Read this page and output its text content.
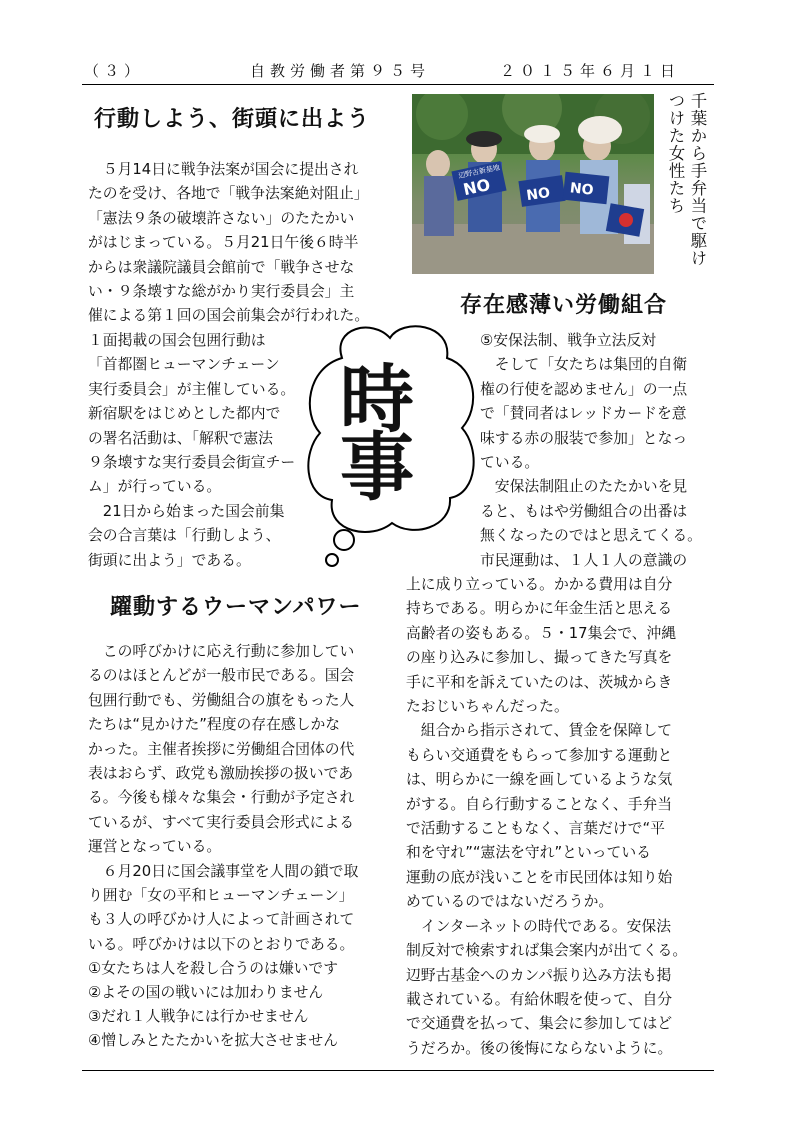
（３）	自教労働者第９５号	２０１５年６月１日
行動しよう、街頭に出よう
　５月14日に戦争法案が国会に提出され
たのを受け、各地で「戦争法案絶対阻止」
「憲法９条の破壊許さない」のたたかい
がはじまっている。５月21日午後６時半
からは衆議院議員会館前で「戦争させな
い・９条壊すな総がかり実行委員会」主
催による第１回の国会前集会が行われた。
１面掲載の国会包囲行動は
「首都圏ヒューマンチェーン
実行委員会」が主催している。
新宿駅をはじめとした都内で
の署名活動は、「解釈で憲法
９条壊すな実行委員会街宣チー
ム」が行っている。
　21日から始まった国会前集
会の合言葉は「行動しよう、
街頭に出よう」である。
辺野古新基地
NO NO NO	千葉から手弁当で駆けつけた女性たち
存在感薄い労働組合
⑤安保法制、戦争立法反対
　そして「女たちは集団的自衛
権の行使を認めません」の一点
で「賛同者はレッドカードを意
味する赤の服装で参加」となっ
ている。
　安保法制阻止のたたかいを見
ると、もはや労働組合の出番は
無くなったのではと思えてくる。
市民運動は、１人１人の意識の
上に成り立っている。かかる費用は自分
持ちである。明らかに年金生活と思える
高齢者の姿もある。５・17集会で、沖縄
の座り込みに参加し、撮ってきた写真を
手に平和を訴えていたのは、茨城からき
たおじいちゃんだった。
　組合から指示されて、賃金を保障して
もらい交通費をもらって参加する運動と
は、明らかに一線を画しているような気
がする。自ら行動することなく、手弁当
で活動することもなく、言葉だけで“平
和を守れ”“憲法を守れ”といっている
運動の底が浅いことを市民団体は知り始
めているのではないだろうか。
　インターネットの時代である。安保法
制反対で検索すれば集会案内が出てくる。
辺野古基金へのカンパ振り込み方法も掲
載されている。有給休暇を使って、自分
で交通費を払って、集会に参加してはど
うだろか。後の後悔にならないように。
時
事
躍動するウーマンパワー
　この呼びかけに応え行動に参加してい
るのはほとんどが一般市民である。国会
包囲行動でも、労働組合の旗をもった人
たちは“見かけた”程度の存在感しかな
かった。主催者挨拶に労働組合団体の代
表はおらず、政党も激励挨拶の扱いであ
る。今後も様々な集会・行動が予定され
ているが、すべて実行委員会形式による
運営となっている。
　６月20日に国会議事堂を人間の鎖で取
り囲む「女の平和ヒューマンチェーン」
も３人の呼びかけ人によって計画されて
いる。呼びかけは以下のとおりである。
①女たちは人を殺し合うのは嫌いです
②よその国の戦いには加わりません
③だれ１人戦争には行かせません
④憎しみとたたかいを拡大させません
